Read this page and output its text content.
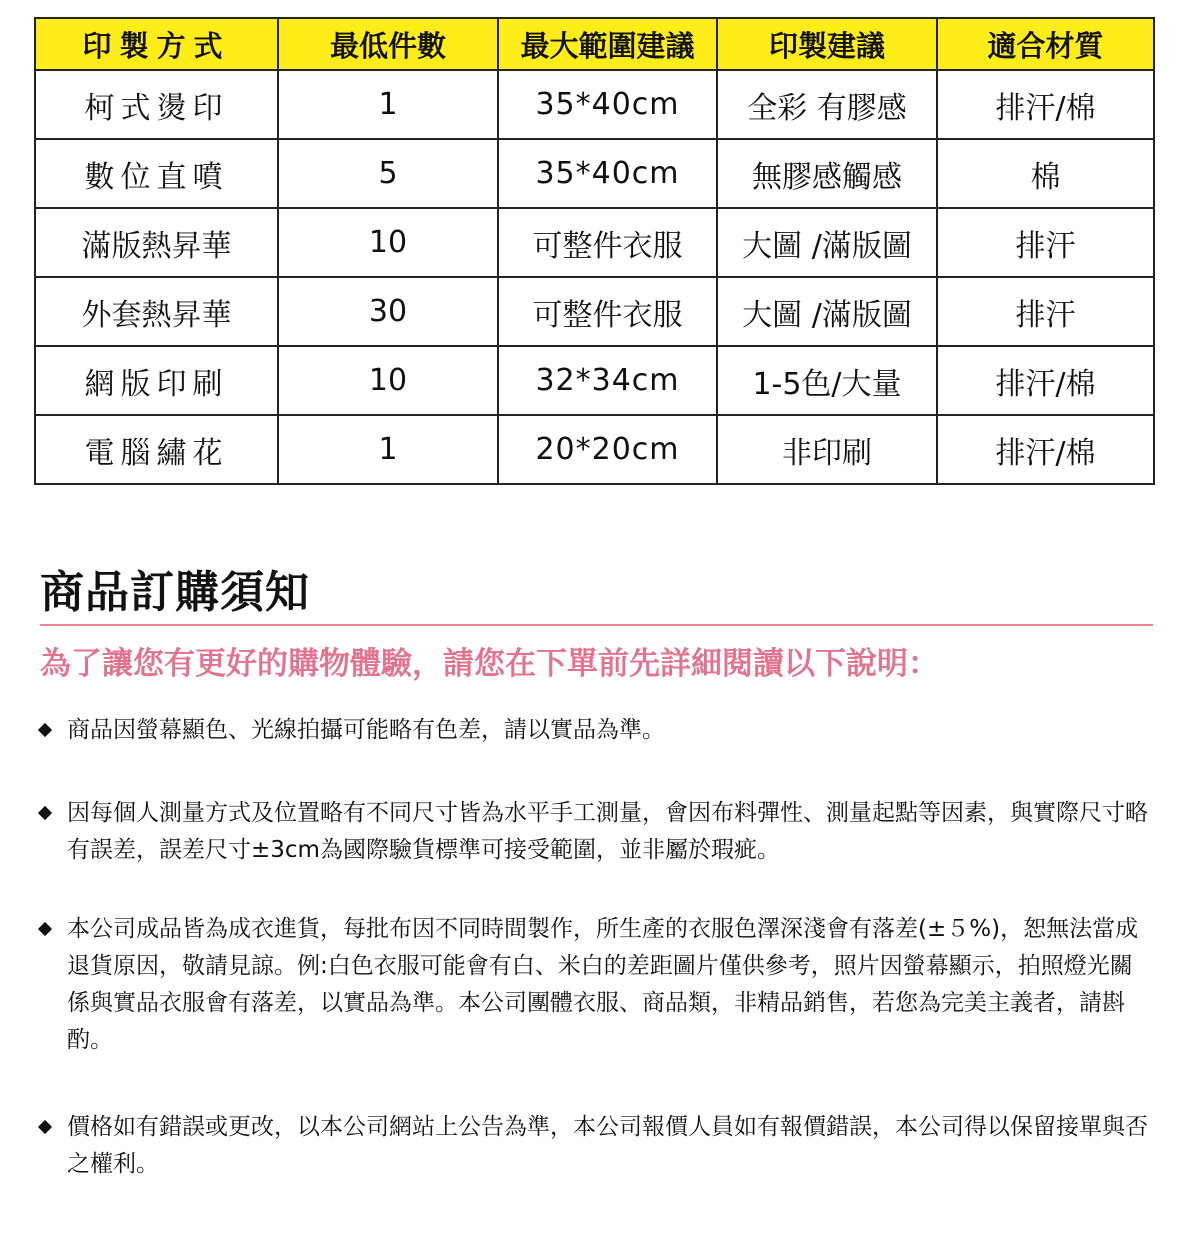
印製方式	最低件數	最大範圍建議	印製建議	適合材質
柯式燙印	1	35*40cm	全彩 有膠感	排汗/棉
數位直噴	5	35*40cm	無膠感觸感	棉
滿版熱昇華	10	可整件衣服	大圖 /滿版圖	排汗
外套熱昇華	30	可整件衣服	大圖 /滿版圖	排汗
網版印刷	10	32*34cm	1-5色/大量	排汗/棉
電腦繡花	1	20*20cm	非印刷	排汗/棉
商品訂購須知

為了讓您有更好的購物體驗，請您在下單前先詳細閱讀以下說明：

商品因螢幕顯色、光線拍攝可能略有色差，請以實品為準。
因每個人測量方式及位置略有不同尺寸皆為水平手工測量，會因布料彈性、測量起點等因素，與實際尺寸略有誤差，誤差尺寸±3cm為國際驗貨標準可接受範圍，並非屬於瑕疵。
本公司成品皆為成衣進貨，每批布因不同時間製作，所生產的衣服色澤深淺會有落差(±５%)，恕無法當成退貨原因，敬請見諒。例:白色衣服可能會有白、米白的差距圖片僅供參考，照片因螢幕顯示，拍照燈光關係與實品衣服會有落差，以實品為準。本公司團體衣服、商品類，非精品銷售，若您為完美主義者，請斟酌。
價格如有錯誤或更改，以本公司網站上公告為準，本公司報價人員如有報價錯誤，本公司得以保留接單與否之權利。
